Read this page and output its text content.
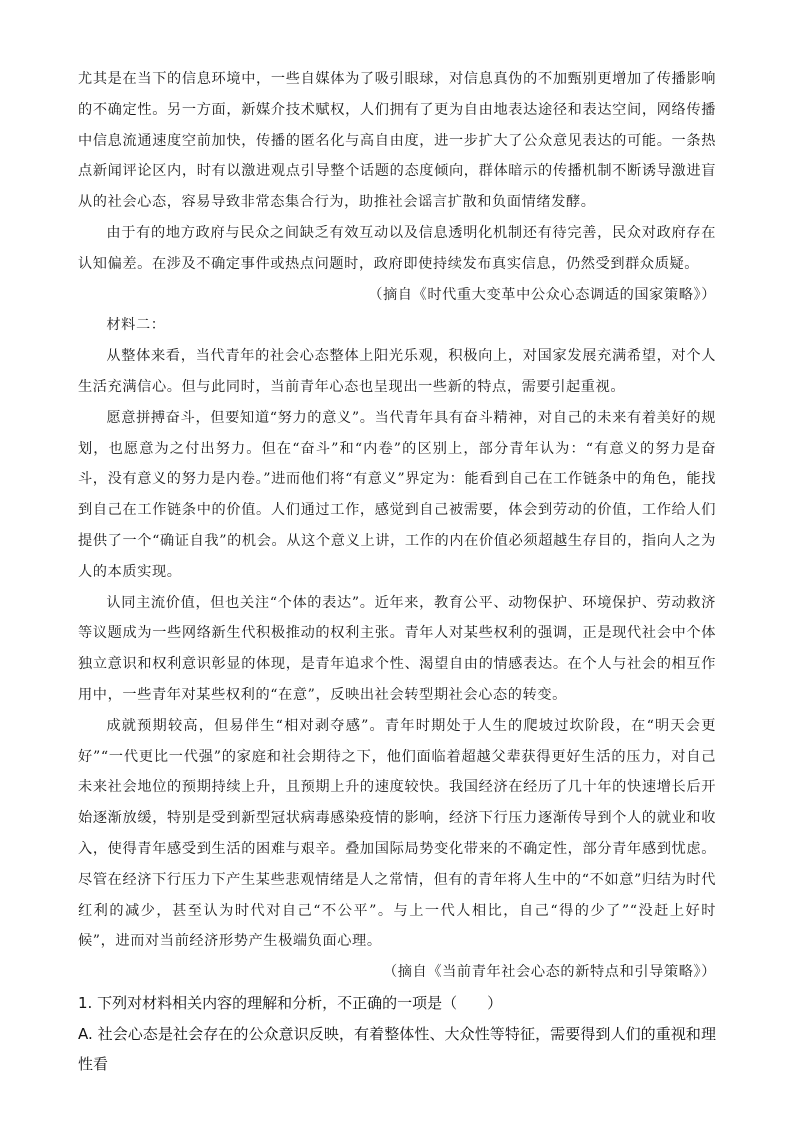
尤其是在当下的信息环境中，一些自媒体为了吸引眼球，对信息真伪的不加甄别更增加了传播影响的不确定性。另一方面，新媒介技术赋权，人们拥有了更为自由地表达途径和表达空间，网络传播中信息流通速度空前加快，传播的匿名化与高自由度，进一步扩大了公众意见表达的可能。一条热点新闻评论区内，时有以激进观点引导整个话题的态度倾向，群体暗示的传播机制不断诱导激进盲从的社会心态，容易导致非常态集合行为，助推社会谣言扩散和负面情绪发酵。

由于有的地方政府与民众之间缺乏有效互动以及信息透明化机制还有待完善，民众对政府存在认知偏差。在涉及不确定事件或热点问题时，政府即使持续发布真实信息，仍然受到群众质疑。

（摘自《时代重大变革中公众心态调适的国家策略》）

材料二：

从整体来看，当代青年的社会心态整体上阳光乐观，积极向上，对国家发展充满希望，对个人生活充满信心。但与此同时，当前青年心态也呈现出一些新的特点，需要引起重视。

愿意拼搏奋斗，但要知道“努力的意义”。当代青年具有奋斗精神，对自己的未来有着美好的规划，也愿意为之付出努力。但在“奋斗”和“内卷”的区别上，部分青年认为：“有意义的努力是奋斗，没有意义的努力是内卷。”进而他们将“有意义”界定为：能看到自己在工作链条中的角色，能找到自己在工作链条中的价值。人们通过工作，感觉到自己被需要，体会到劳动的价值，工作给人们提供了一个“确证自我”的机会。从这个意义上讲，工作的内在价值必须超越生存目的，指向人之为人的本质实现。

认同主流价值，但也关注“个体的表达”。近年来，教育公平、动物保护、环境保护、劳动救济等议题成为一些网络新生代积极推动的权利主张。青年人对某些权利的强调，正是现代社会中个体独立意识和权利意识彰显的体现，是青年追求个性、渴望自由的情感表达。在个人与社会的相互作用中，一些青年对某些权利的“在意”，反映出社会转型期社会心态的转变。

成就预期较高，但易伴生“相对剥夺感”。青年时期处于人生的爬坡过坎阶段，在“明天会更好”“一代更比一代强”的家庭和社会期待之下，他们面临着超越父辈获得更好生活的压力，对自己未来社会地位的预期持续上升，且预期上升的速度较快。我国经济在经历了几十年的快速增长后开始逐渐放缓，特别是受到新型冠状病毒感染疫情的影响，经济下行压力逐渐传导到个人的就业和收入，使得青年感受到生活的困难与艰辛。叠加国际局势变化带来的不确定性，部分青年感到忧虑。尽管在经济下行压力下产生某些悲观情绪是人之常情，但有的青年将人生中的“不如意”归结为时代红利的减少，甚至认为时代对自己“不公平”。与上一代人相比，自己“得的少了”“没赶上好时候”，进而对当前经济形势产生极端负面心理。

（摘自《当前青年社会心态的新特点和引导策略》）

1. 下列对材料相关内容的理解和分析，不正确的一项是（　　）

A. 社会心态是社会存在的公众意识反映，有着整体性、大众性等特征，需要得到人们的重视和理性看
